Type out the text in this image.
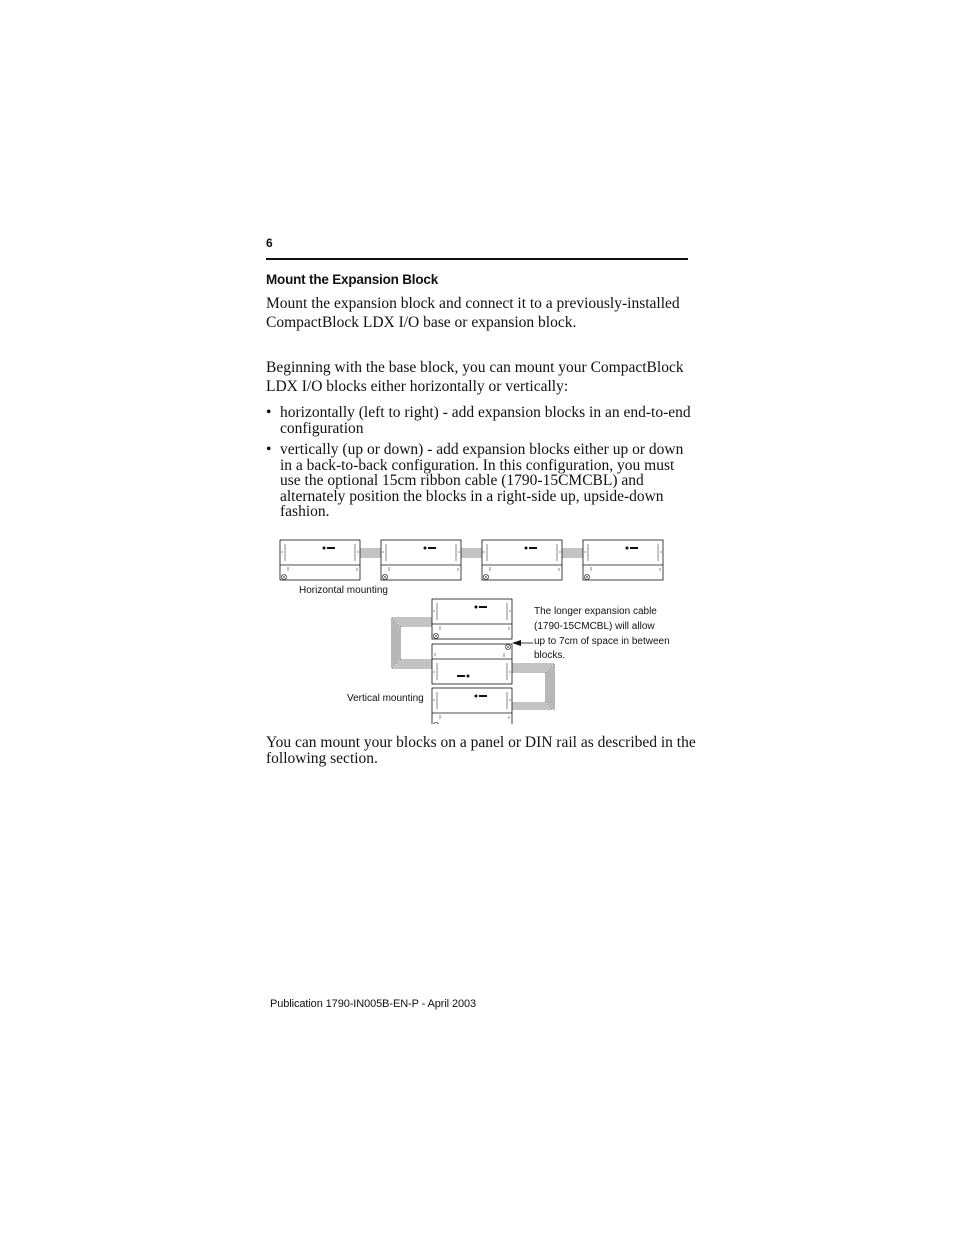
6
Mount the Expansion Block

Mount the expansion block and connect it to a previously-installed CompactBlock LDX I/O base or expansion block.

Beginning with the base block, you can mount your CompactBlock LDX I/O blocks either horizontally or vertically:

• horizontally (left to right) - add expansion blocks in an end-to-end configuration
• vertically (up or down) - add expansion blocks either up or down in a back-to-back configuration. In this configuration, you must use the optional 15cm ribbon cable (1790-15CMCBL) and alternately position the blocks in a right-side up, upside-down fashion.
Horizontal mounting
The longer expansion cable
(1790-15CMCBL) will allow
up to 7cm of space in between
blocks.
Vertical mounting

You can mount your blocks on a panel or DIN rail as described in the following section.

Publication 1790-IN005B-EN-P - April 2003
